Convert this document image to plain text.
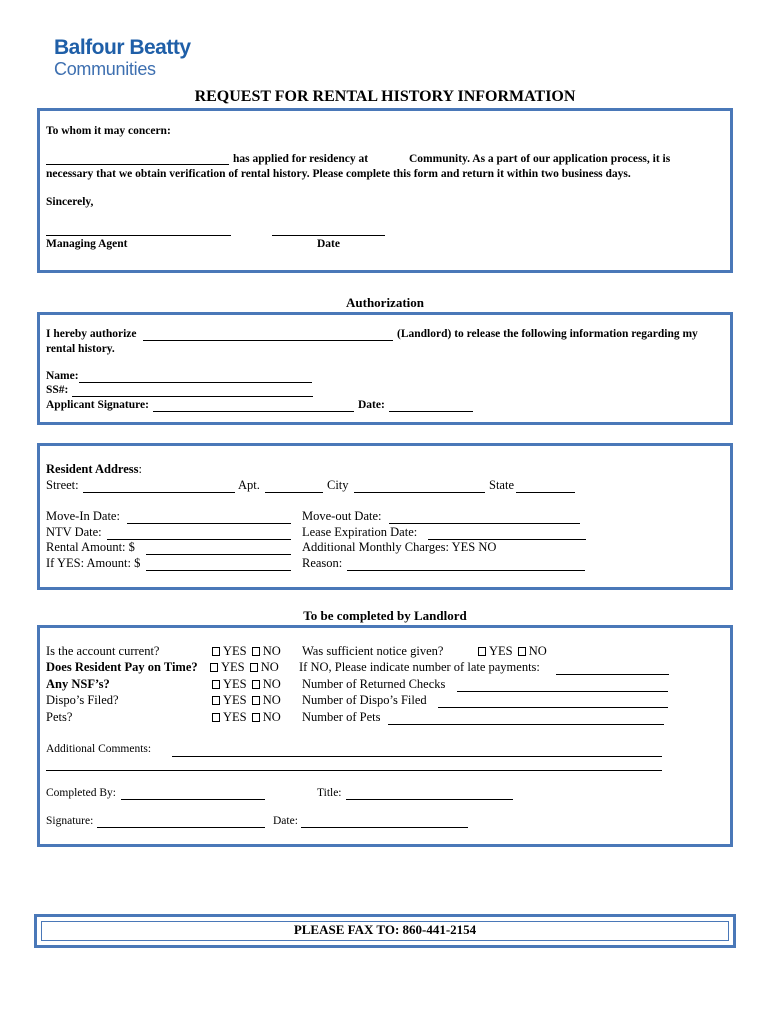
Balfour Beatty
Communities
REQUEST FOR RENTAL HISTORY INFORMATION
To whom it may concern:
has applied for residency at	Community. As a part of our application process, it is
necessary that we obtain verification of rental history. Please complete this form and return it within two business days.
Sincerely,
Managing Agent	Date
Authorization
I hereby authorize	(Landlord) to release the following information regarding my
rental history.
Name:
SS#:
Applicant Signature:	Date:
Resident Address:
Street:	Apt.	City	State
Move-In Date:	Move-out Date:
NTV Date:	Lease Expiration Date:
Rental Amount: $	Additional Monthly Charges: YES NO
If YES: Amount: $	Reason:
To be completed by Landlord
Is the account current?	YES NO Was sufficient notice given?	YES NO
Does Resident Pay on Time?	YES NO If NO, Please indicate number of late payments:
Any NSF’s?	YES NO Number of Returned Checks
Dispo’s Filed?	YES NO Number of Dispo’s Filed
Pets?	YES NO Number of Pets
Additional Comments:
Completed By:	Title:
Signature:	Date:
PLEASE FAX TO: 860-441-2154
